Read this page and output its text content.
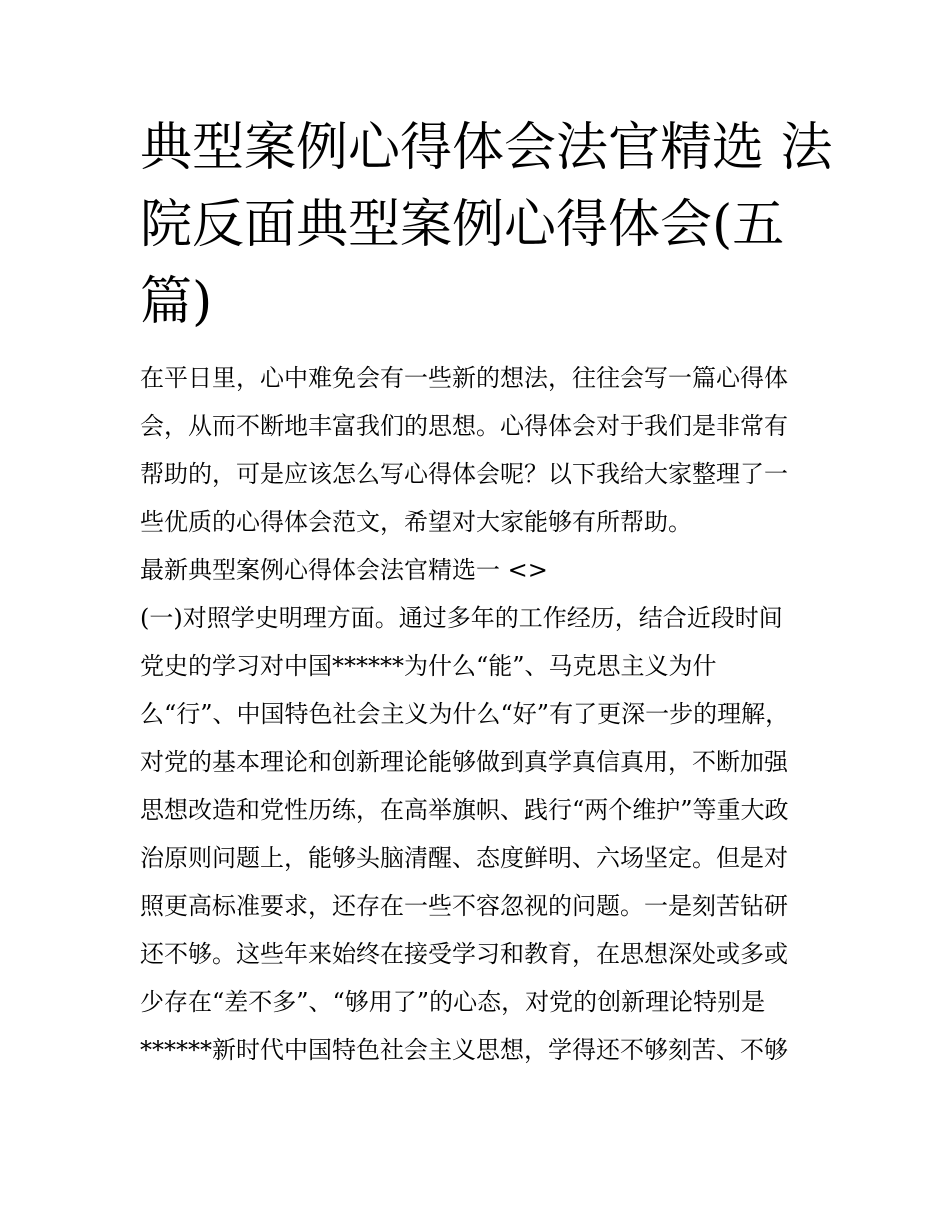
典型案例心得体会法官精选 法
院反面典型案例心得体会(五
篇)
在平日里，心中难免会有一些新的想法，往往会写一篇心得体
会，从而不断地丰富我们的思想。心得体会对于我们是非常有
帮助的，可是应该怎么写心得体会呢？以下我给大家整理了一
些优质的心得体会范文，希望对大家能够有所帮助。
最新典型案例心得体会法官精选一 <>
(一)对照学史明理方面。通过多年的工作经历，结合近段时间
党史的学习对中国******为什么“能”、马克思主义为什
么“行”、中国特色社会主义为什么“好”有了更深一步的理解，
对党的基本理论和创新理论能够做到真学真信真用，不断加强
思想改造和党性历练，在高举旗帜、践行“两个维护”等重大政
治原则问题上，能够头脑清醒、态度鲜明、六场坚定。但是对
照更高标准要求，还存在一些不容忽视的问题。一是刻苦钻研
还不够。这些年来始终在接受学习和教育，在思想深处或多或
少存在“差不多”、“够用了”的心态，对党的创新理论特别是
******新时代中国特色社会主义思想，学得还不够刻苦、不够
